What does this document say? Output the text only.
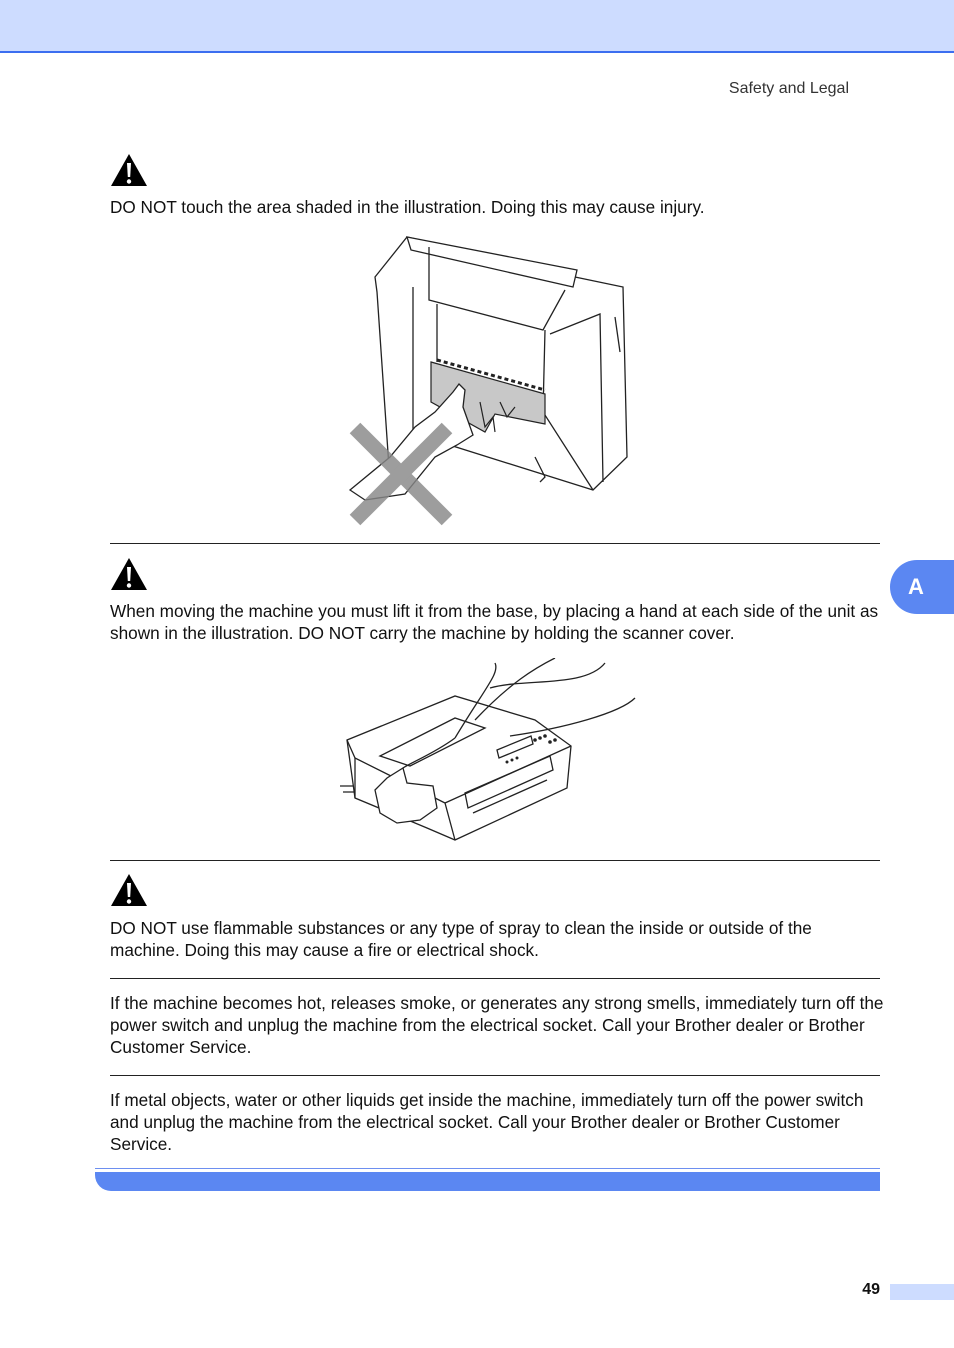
Safety and Legal
DO NOT touch the area shaded in the illustration. Doing this may cause injury.
When moving the machine you must lift it from the base, by placing a hand at each side of the unit as shown in the illustration. DO NOT carry the machine by holding the scanner cover.
DO NOT use flammable substances or any type of spray to clean the inside or outside of the machine. Doing this may cause a fire or electrical shock.
If the machine becomes hot, releases smoke, or generates any strong smells, immediately turn off the power switch and unplug the machine from the electrical socket. Call your Brother dealer or Brother Customer Service.
If metal objects, water or other liquids get inside the machine, immediately turn off the power switch and unplug the machine from the electrical socket. Call your Brother dealer or Brother Customer Service.
A
49
